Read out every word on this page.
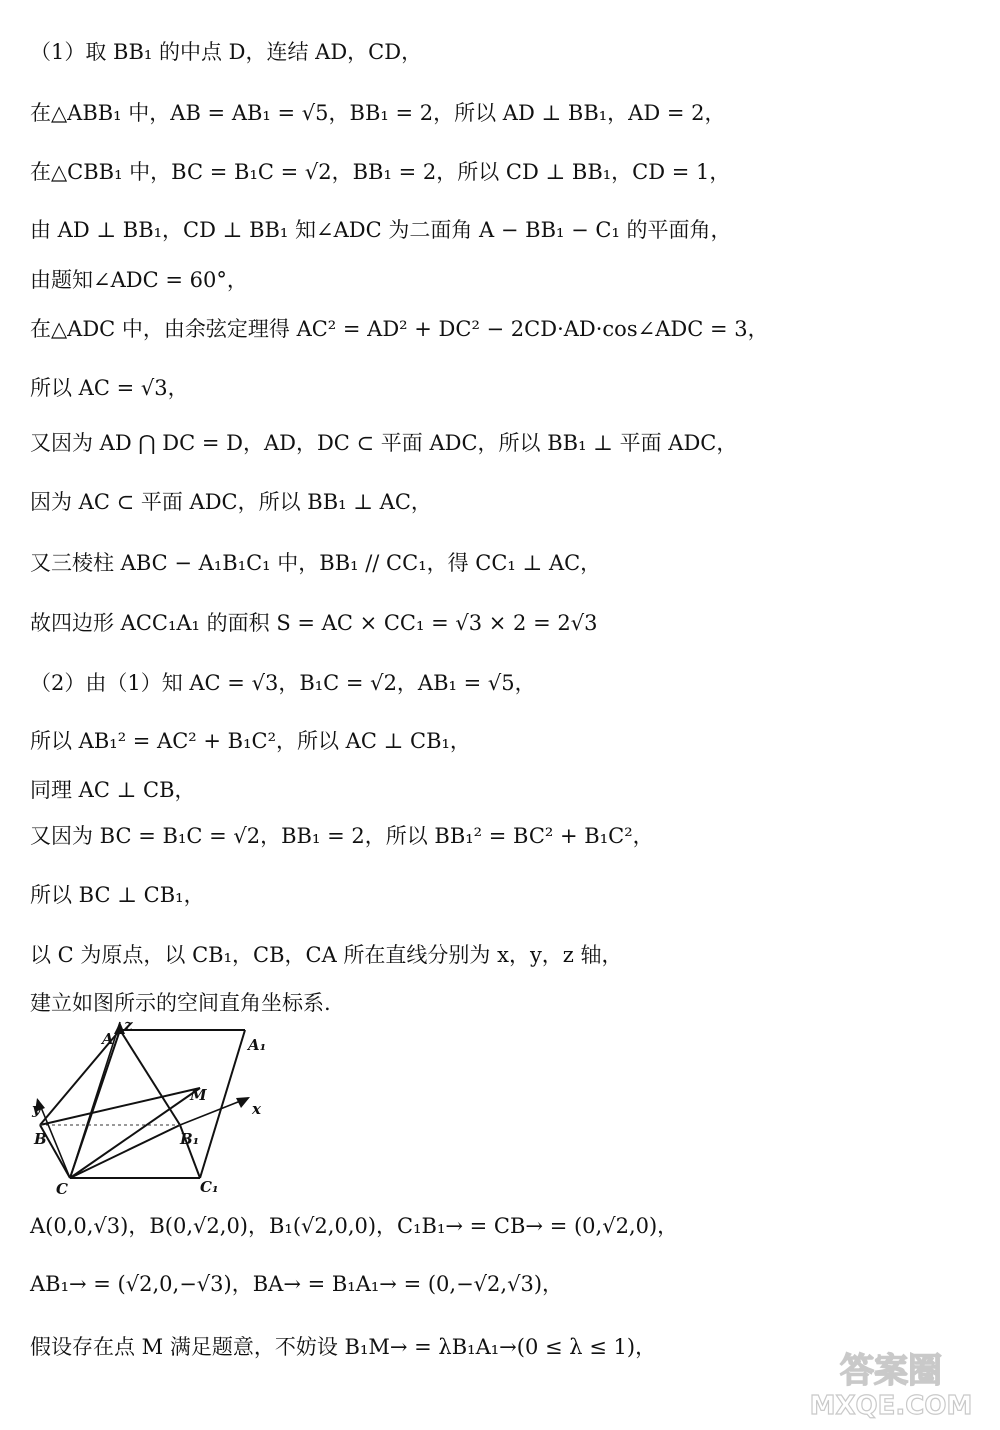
（1）取 BB₁ 的中点 D，连结 AD，CD，
在△ABB₁ 中，AB = AB₁ = √5，BB₁ = 2，所以 AD ⊥ BB₁，AD = 2，
在△CBB₁ 中，BC = B₁C = √2，BB₁ = 2，所以 CD ⊥ BB₁，CD = 1，
由 AD ⊥ BB₁，CD ⊥ BB₁ 知∠ADC 为二面角 A − BB₁ − C₁ 的平面角，
由题知∠ADC = 60°，
在△ADC 中，由余弦定理得 AC² = AD² + DC² − 2CD·AD·cos∠ADC = 3，
所以 AC = √3，
又因为 AD ⋂ DC = D，AD，DC ⊂ 平面 ADC，所以 BB₁ ⊥ 平面 ADC，
因为 AC ⊂ 平面 ADC，所以 BB₁ ⊥ AC，
又三棱柱 ABC − A₁B₁C₁ 中，BB₁ // CC₁，得 CC₁ ⊥ AC，
故四边形 ACC₁A₁ 的面积 S = AC × CC₁ = √3 × 2 = 2√3
（2）由（1）知 AC = √3，B₁C = √2，AB₁ = √5，
所以 AB₁² = AC² + B₁C²，所以 AC ⊥ CB₁，
同理 AC ⊥ CB，
又因为 BC = B₁C = √2，BB₁ = 2，所以 BB₁² = BC² + B₁C²，
所以 BC ⊥ CB₁，
以 C 为原点，以 CB₁，CB，CA 所在直线分别为 x，y，z 轴，
建立如图所示的空间直角坐标系.
z
A	A₁
M
x
y
B	B₁
C	C₁
A(0,0,√3)，B(0,√2,0)，B₁(√2,0,0)，C₁B₁→ = CB→ = (0,√2,0)，
AB₁→ = (√2,0,−√3)，BA→ = B₁A₁→ = (0,−√2,√3)，
假设存在点 M 满足题意，不妨设 B₁M→ = λB₁A₁→(0 ≤ λ ≤ 1)，
答案圈
MXQE.COM
